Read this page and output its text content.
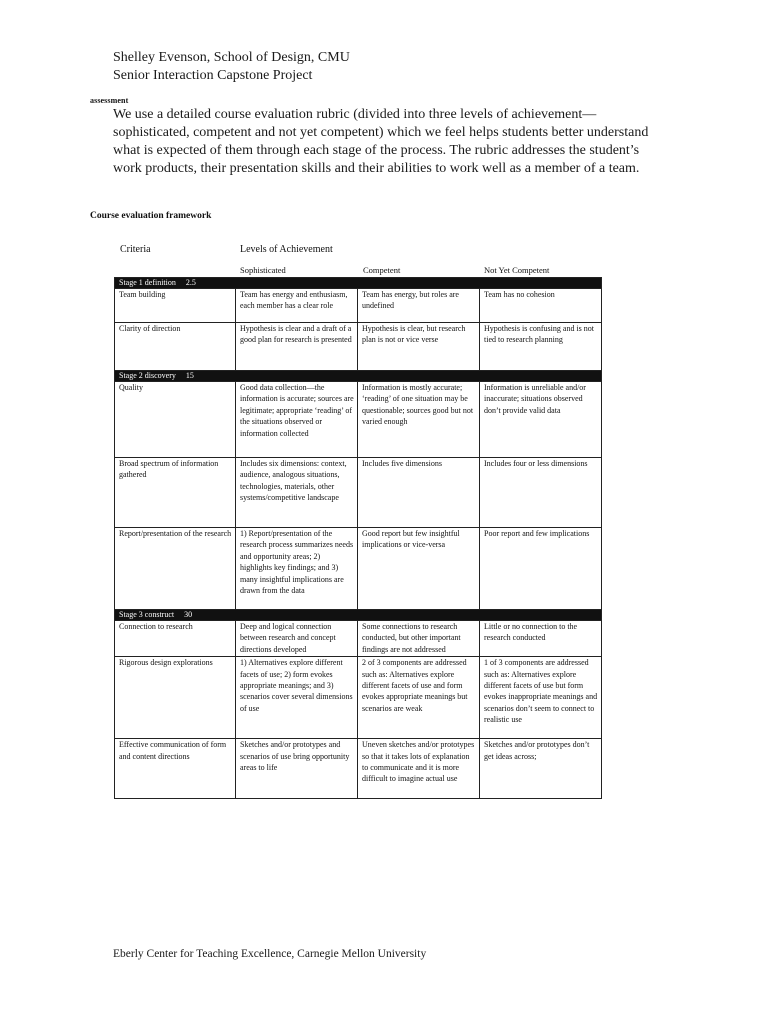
Shelley Evenson, School of Design, CMU
Senior Interaction Capstone Project
assessment
We use a detailed course evaluation rubric (divided into three levels of achievement—sophisticated, competent and not yet competent) which we feel helps students better understand what is expected of them through each stage of the process. The rubric addresses the student’s work products, their presentation skills and their abilities to work well as a member of a team.
Course evaluation framework
Criteria	Levels of Achievement
Sophisticated	Competent	Not Yet Competent
Stage 1 definition 2.5			
Team building	Team has energy and enthusiasm, each member has a clear role	Team has energy, but roles are undefined	Team has no cohesion
Clarity of direction	Hypothesis is clear and a draft of a good plan for research is presented	Hypothesis is clear, but research plan is not or vice verse	Hypothesis is confusing and is not tied to research planning
Stage 2 discovery 15			
Quality	Good data collection—the information is accurate; sources are legitimate; appropriate ‘reading’ of the situations observed or information collected	Information is mostly accurate; ‘reading’ of one situation may be questionable; sources good but not varied enough	Information is unreliable and/or inaccurate; situations observed don’t provide valid data
Broad spectrum of information gathered	Includes six dimensions: context, audience, analogous situations, technologies, materials, other systems/competitive landscape	Includes five dimensions	Includes four or less dimensions
Report/presentation of the research	1) Report/presentation of the research process summarizes needs and opportunity areas; 2) highlights key findings; and 3) many insightful implications are drawn from the data	Good report but few insightful implications or vice-versa	Poor report and few implications
Stage 3 construct 30			
Connection to research	Deep and logical connection between research and concept directions developed	Some connections to research conducted, but other important findings are not addressed	Little or no connection to the research conducted
Rigorous design explorations	1) Alternatives explore different facets of use; 2) form evokes appropriate meanings; and 3) scenarios cover several dimensions of use	2 of 3 components are addressed such as: Alternatives explore different facets of use and form evokes appropriate meanings but scenarios are weak	1 of 3 components are addressed such as: Alternatives explore different facets of use but form evokes inappropriate meanings and scenarios don’t seem to connect to realistic use
Effective communication of form and content directions	Sketches and/or prototypes and scenarios of use bring opportunity areas to life	Uneven sketches and/or prototypes so that it takes lots of explanation to communicate and it is more difficult to imagine actual use	Sketches and/or prototypes don’t get ideas across;
Eberly Center for Teaching Excellence, Carnegie Mellon University
